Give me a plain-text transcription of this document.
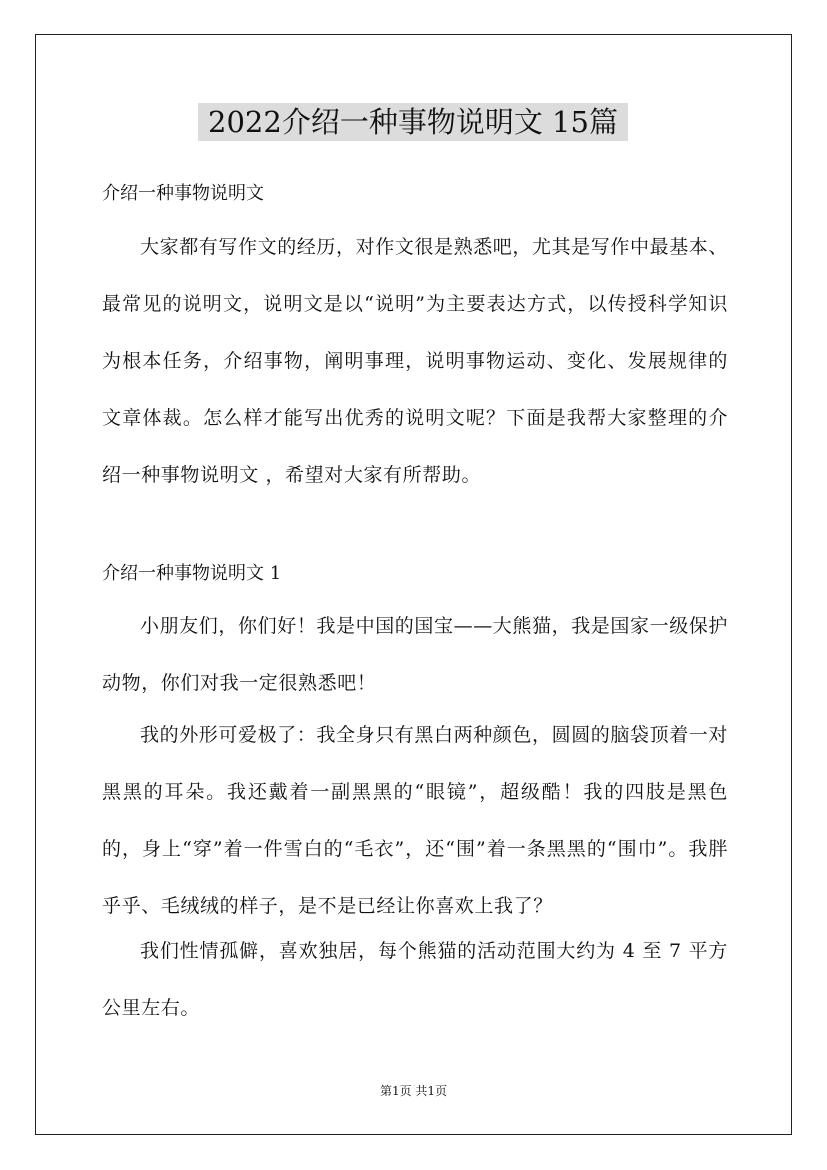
2022介绍一种事物说明文 15篇
介绍一种事物说明文

大家都有写作文的经历，对作文很是熟悉吧，尤其是写作中最基本、最常见的说明文，说明文是以“说明”为主要表达方式，以传授科学知识为根本任务，介绍事物，阐明事理，说明事物运动、变化、发展规律的文章体裁。怎么样才能写出优秀的说明文呢？下面是我帮大家整理的介绍一种事物说明文 ，希望对大家有所帮助。

介绍一种事物说明文 1

小朋友们，你们好！我是中国的国宝——大熊猫，我是国家一级保护动物，你们对我一定很熟悉吧！

我的外形可爱极了：我全身只有黑白两种颜色，圆圆的脑袋顶着一对黑黑的耳朵。我还戴着一副黑黑的“眼镜”，超级酷！我的四肢是黑色的，身上“穿”着一件雪白的“毛衣”，还“围”着一条黑黑的“围巾”。我胖乎乎、毛绒绒的样子，是不是已经让你喜欢上我了？

我们性情孤僻，喜欢独居，每个熊猫的活动范围大约为 4 至 7 平方公里左右。

第1页 共1页
